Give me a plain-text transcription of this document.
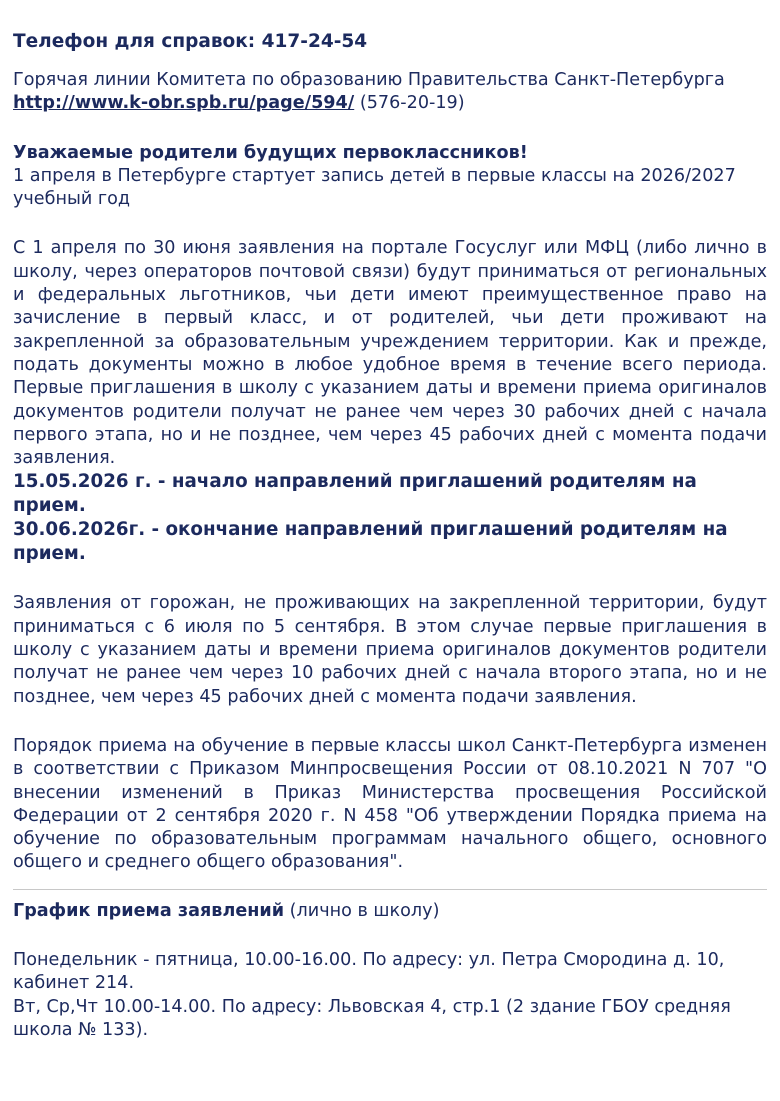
Телефон для справок: 417-24-54

Горячая линии Комитета по образованию Правительства Санкт-Петербурга

http://www.k-obr.spb.ru/page/594/ (576-20-19)

Уважаемые родители будущих первоклассников!

1 апреля в Петербурге стартует запись детей в первые классы на 2026/2027 учебный год

С 1 апреля по 30 июня заявления на портале Госуслуг или МФЦ (либо лично в школу, через операторов почтовой связи) будут приниматься от региональных и федеральных льготников, чьи дети имеют преимущественное право на зачисление в первый класс, и от родителей, чьи дети проживают на закрепленной за образовательным учреждением территории. Как и прежде, подать документы можно в любое удобное время в течение всего периода. Первые приглашения в школу с указанием даты и времени приема оригиналов документов родители получат не ранее чем через 30 рабочих дней с начала первого этапа, но и не позднее, чем через 45 рабочих дней с момента подачи заявления.

15.05.2026 г. - начало направлений приглашений родителям на прием.

30.06.2026г. - окончание направлений приглашений родителям на прием.

Заявления от горожан, не проживающих на закрепленной территории, будут приниматься с 6 июля по 5 сентября. В этом случае первые приглашения в школу с указанием даты и времени приема оригиналов документов родители получат не ранее чем через 10 рабочих дней с начала второго этапа, но и не позднее, чем через 45 рабочих дней с момента подачи заявления.

Порядок приема на обучение в первые классы школ Санкт-Петербурга изменен в соответствии с Приказом Минпросвещения России от 08.10.2021 N 707 "О внесении изменений в Приказ Министерства просвещения Российской Федерации от 2 сентября 2020 г. N 458 "Об утверждении Порядка приема на обучение по образовательным программам начального общего, основного общего и среднего общего образования".

График приема заявлений (лично в школу)

Понедельник - пятница, 10.00-16.00. По адресу: ул. Петра Смородина д. 10, кабинет 214.

Вт, Ср,Чт 10.00-14.00. По адресу: Львовская 4, стр.1 (2 здание ГБОУ средняя школа № 133).
